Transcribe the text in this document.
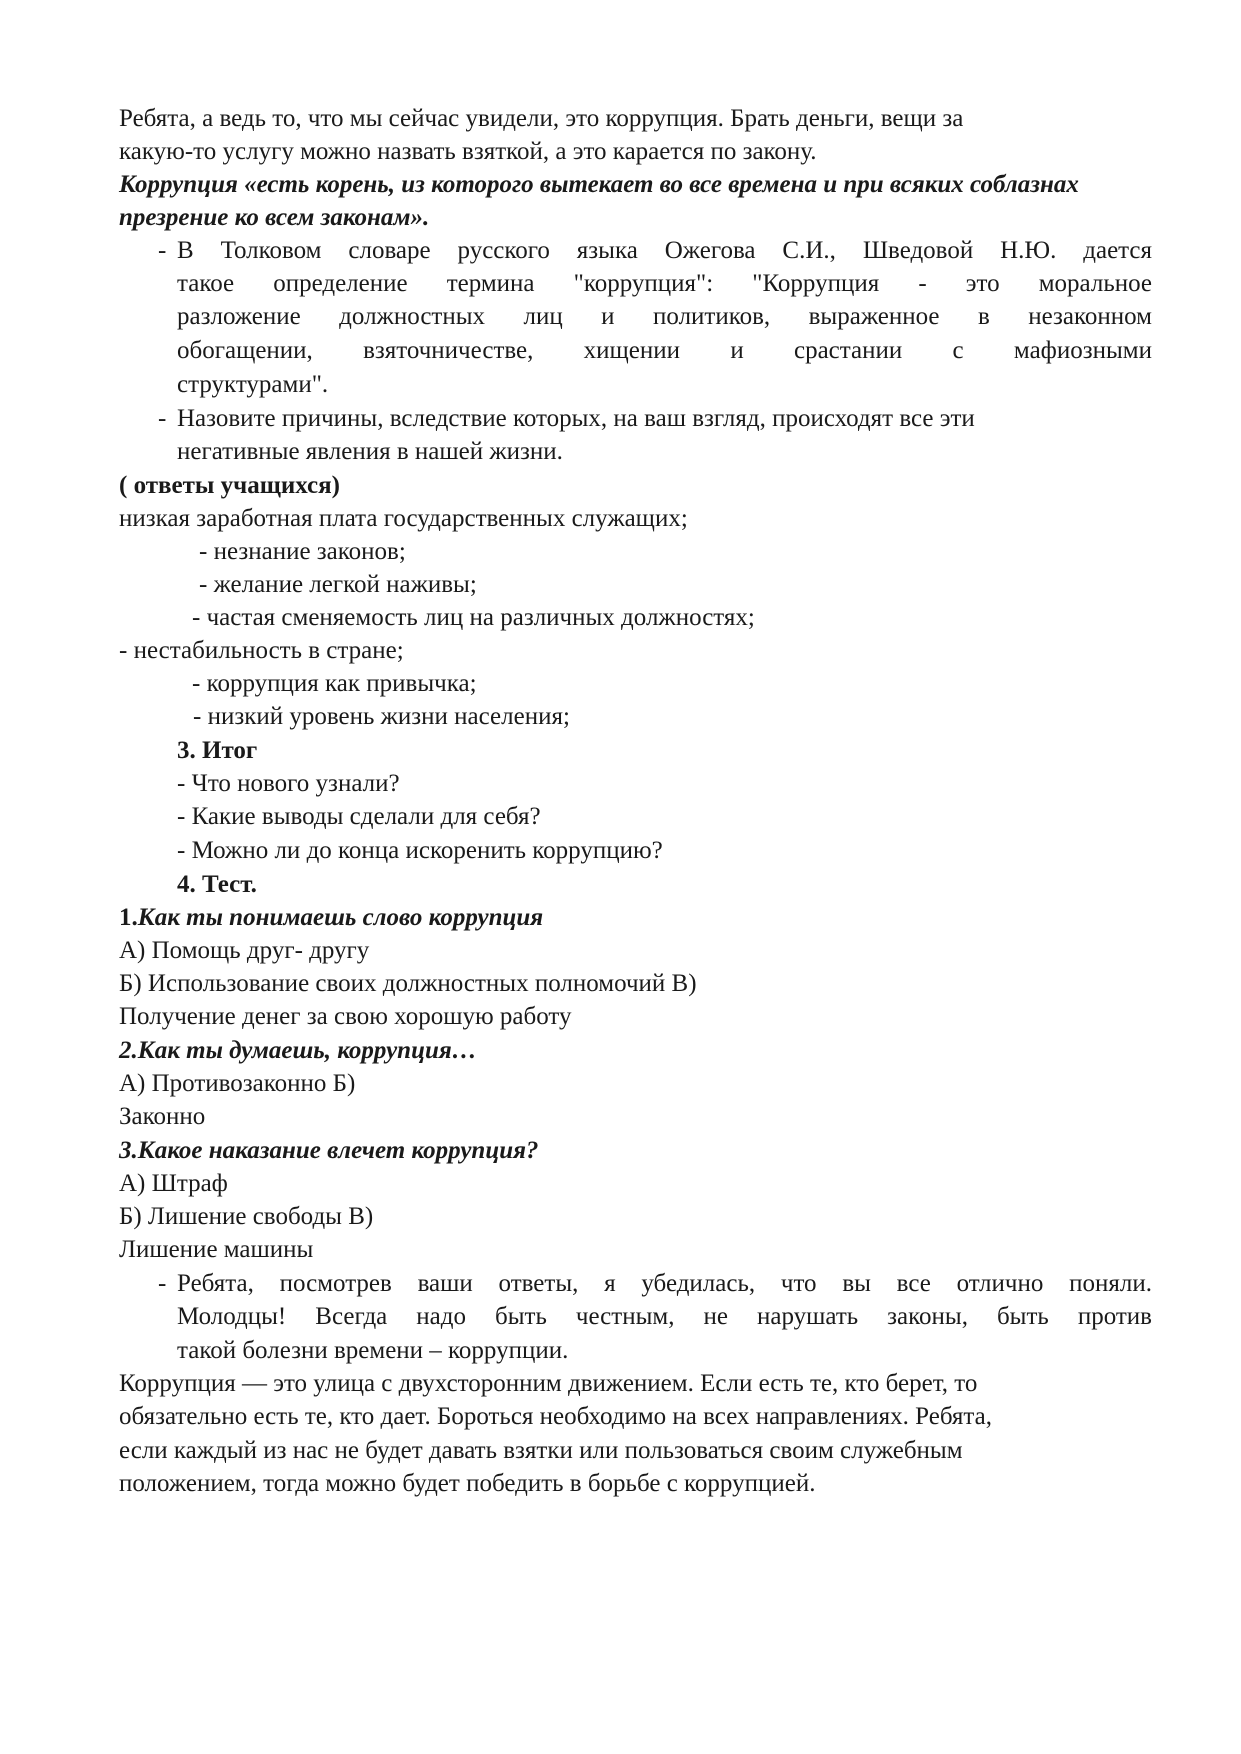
Ребята, а ведь то, что мы сейчас увидели, это коррупция. Брать деньги, вещи за
какую-то услугу можно назвать взяткой, а это карается по закону.
Коррупция «есть корень, из которого вытекает во все времена и при всяких соблазнах
презрение ко всем законам».
- В Толковом словаре русского языка Ожегова С.И., Шведовой Н.Ю. дается
такое определение термина "коррупция": "Коррупция - это моральное
разложение должностных лиц и политиков, выраженное в незаконном
обогащении, взяточничестве, хищении и срастании с мафиозными
структурами".
- Назовите причины, вследствие которых, на ваш взгляд, происходят все эти
негативные явления в нашей жизни.
( ответы учащихся)
низкая заработная плата государственных служащих;
- незнание законов;
- желание легкой наживы;
- частая сменяемость лиц на различных должностях;
- нестабильность в стране;
- коррупция как привычка;
- низкий уровень жизни населения;
3. Итог
- Что нового узнали?
- Какие выводы сделали для себя?
- Можно ли до конца искоренить коррупцию?
4. Тест.
1.Как ты понимаешь слово коррупция
А) Помощь друг- другу
Б) Использование своих должностных полномочий В)
Получение денег за свою хорошую работу
2.Как ты думаешь, коррупция…
А) Противозаконно Б)
Законно
3.Какое наказание влечет коррупция?
А) Штраф
Б) Лишение свободы В)
Лишение машины
- Ребята, посмотрев ваши ответы, я убедилась, что вы все отлично поняли.
Молодцы! Всегда надо быть честным, не нарушать законы, быть против
такой болезни времени – коррупции.
Коррупция — это улица с двухсторонним движением. Если есть те, кто берет, то
обязательно есть те, кто дает. Бороться необходимо на всех направлениях. Ребята,
если каждый из нас не будет давать взятки или пользоваться своим служебным
положением, тогда можно будет победить в борьбе с коррупцией.
